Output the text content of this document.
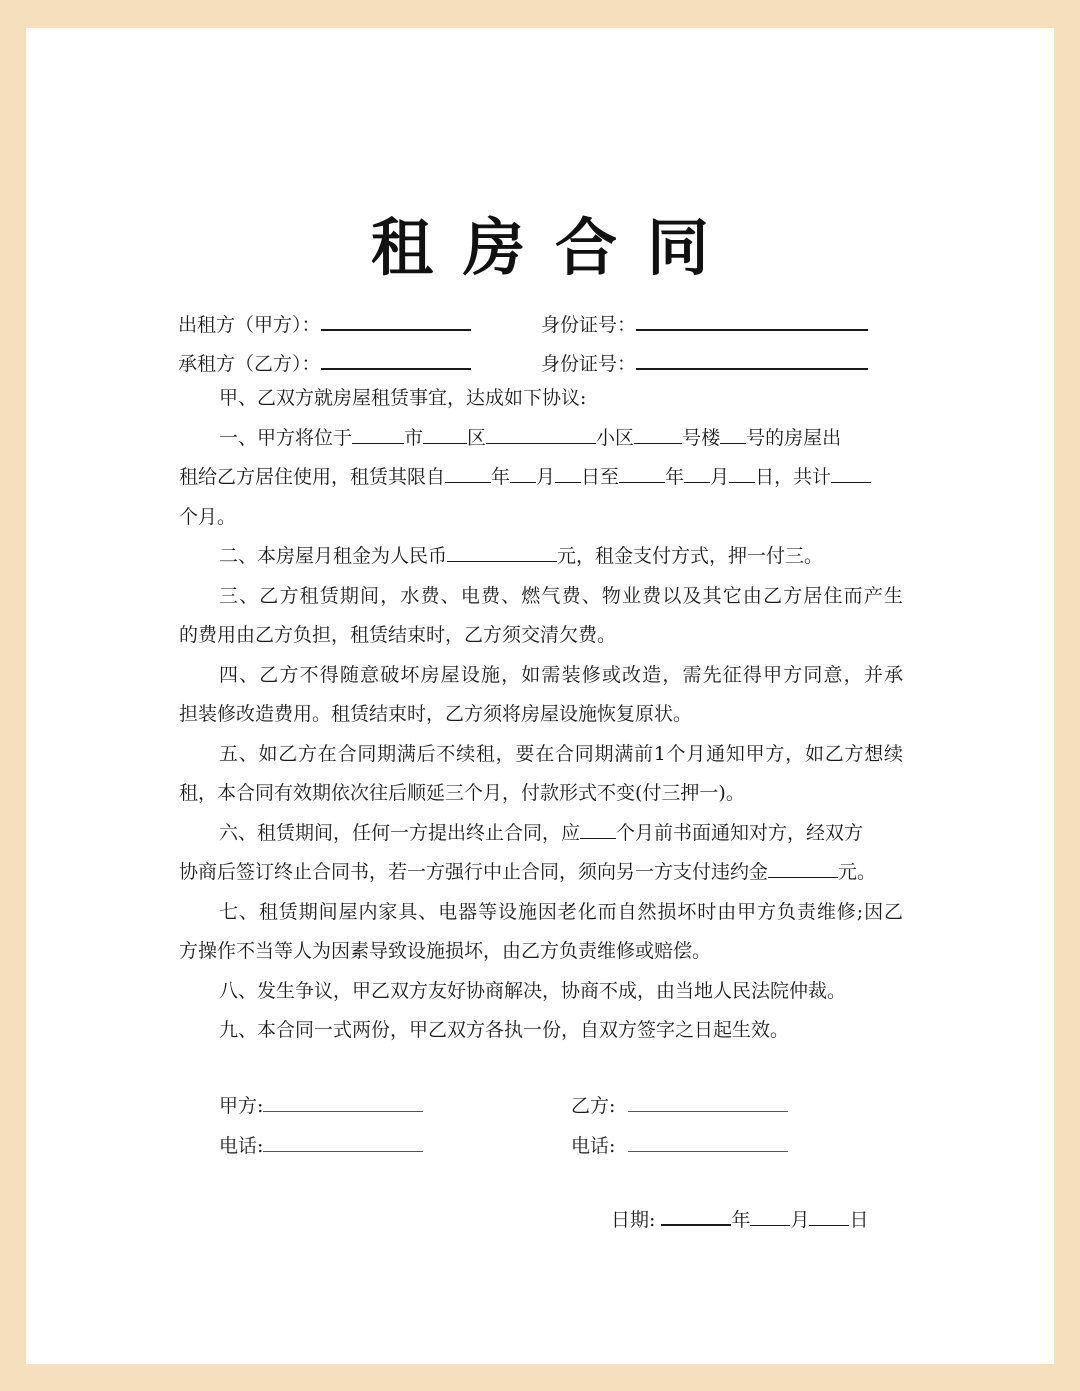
租房合同
出租方（甲方）：	身份证号：
承租方（乙方）：	身份证号：
甲、乙双方就房屋租赁事宜，达成如下协议:
一、甲方将位于	市 区	小区	号楼 号的房屋出
租给乙方居住使用，租赁其限自 年 月 日至 年 月 日，共计
个月。
二、本房屋月租金为人民币	元，租金支付方式，押一付三。
三、乙方租赁期间，水费、电费、燃气费、物业费以及其它由乙方居住而产生
的费用由乙方负担，租赁结束时，乙方须交清欠费。
四、乙方不得随意破坏房屋设施，如需装修或改造，需先征得甲方同意，并承
担装修改造费用。租赁结束时，乙方须将房屋设施恢复原状。
五、如乙方在合同期满后不续租，要在合同期满前1个月通知甲方，如乙方想续
租，本合同有效期依次往后顺延三个月，付款形式不变(付三押一)。
六、租赁期间，任何一方提出终止合同，应 个月前书面通知对方，经双方
协商后签订终止合同书，若一方强行中止合同，须向另一方支付违约金	元。
七、租赁期间屋内家具、电器等设施因老化而自然损坏时由甲方负责维修;因乙
方操作不当等人为因素导致设施损坏，由乙方负责维修或赔偿。
八、发生争议，甲乙双方友好协商解决，协商不成，由当地人民法院仲裁。
九、本合同一式两份，甲乙双方各执一份，自双方签字之日起生效。
甲方:	乙方:
电话:	电话:
日期:	年 月 日
